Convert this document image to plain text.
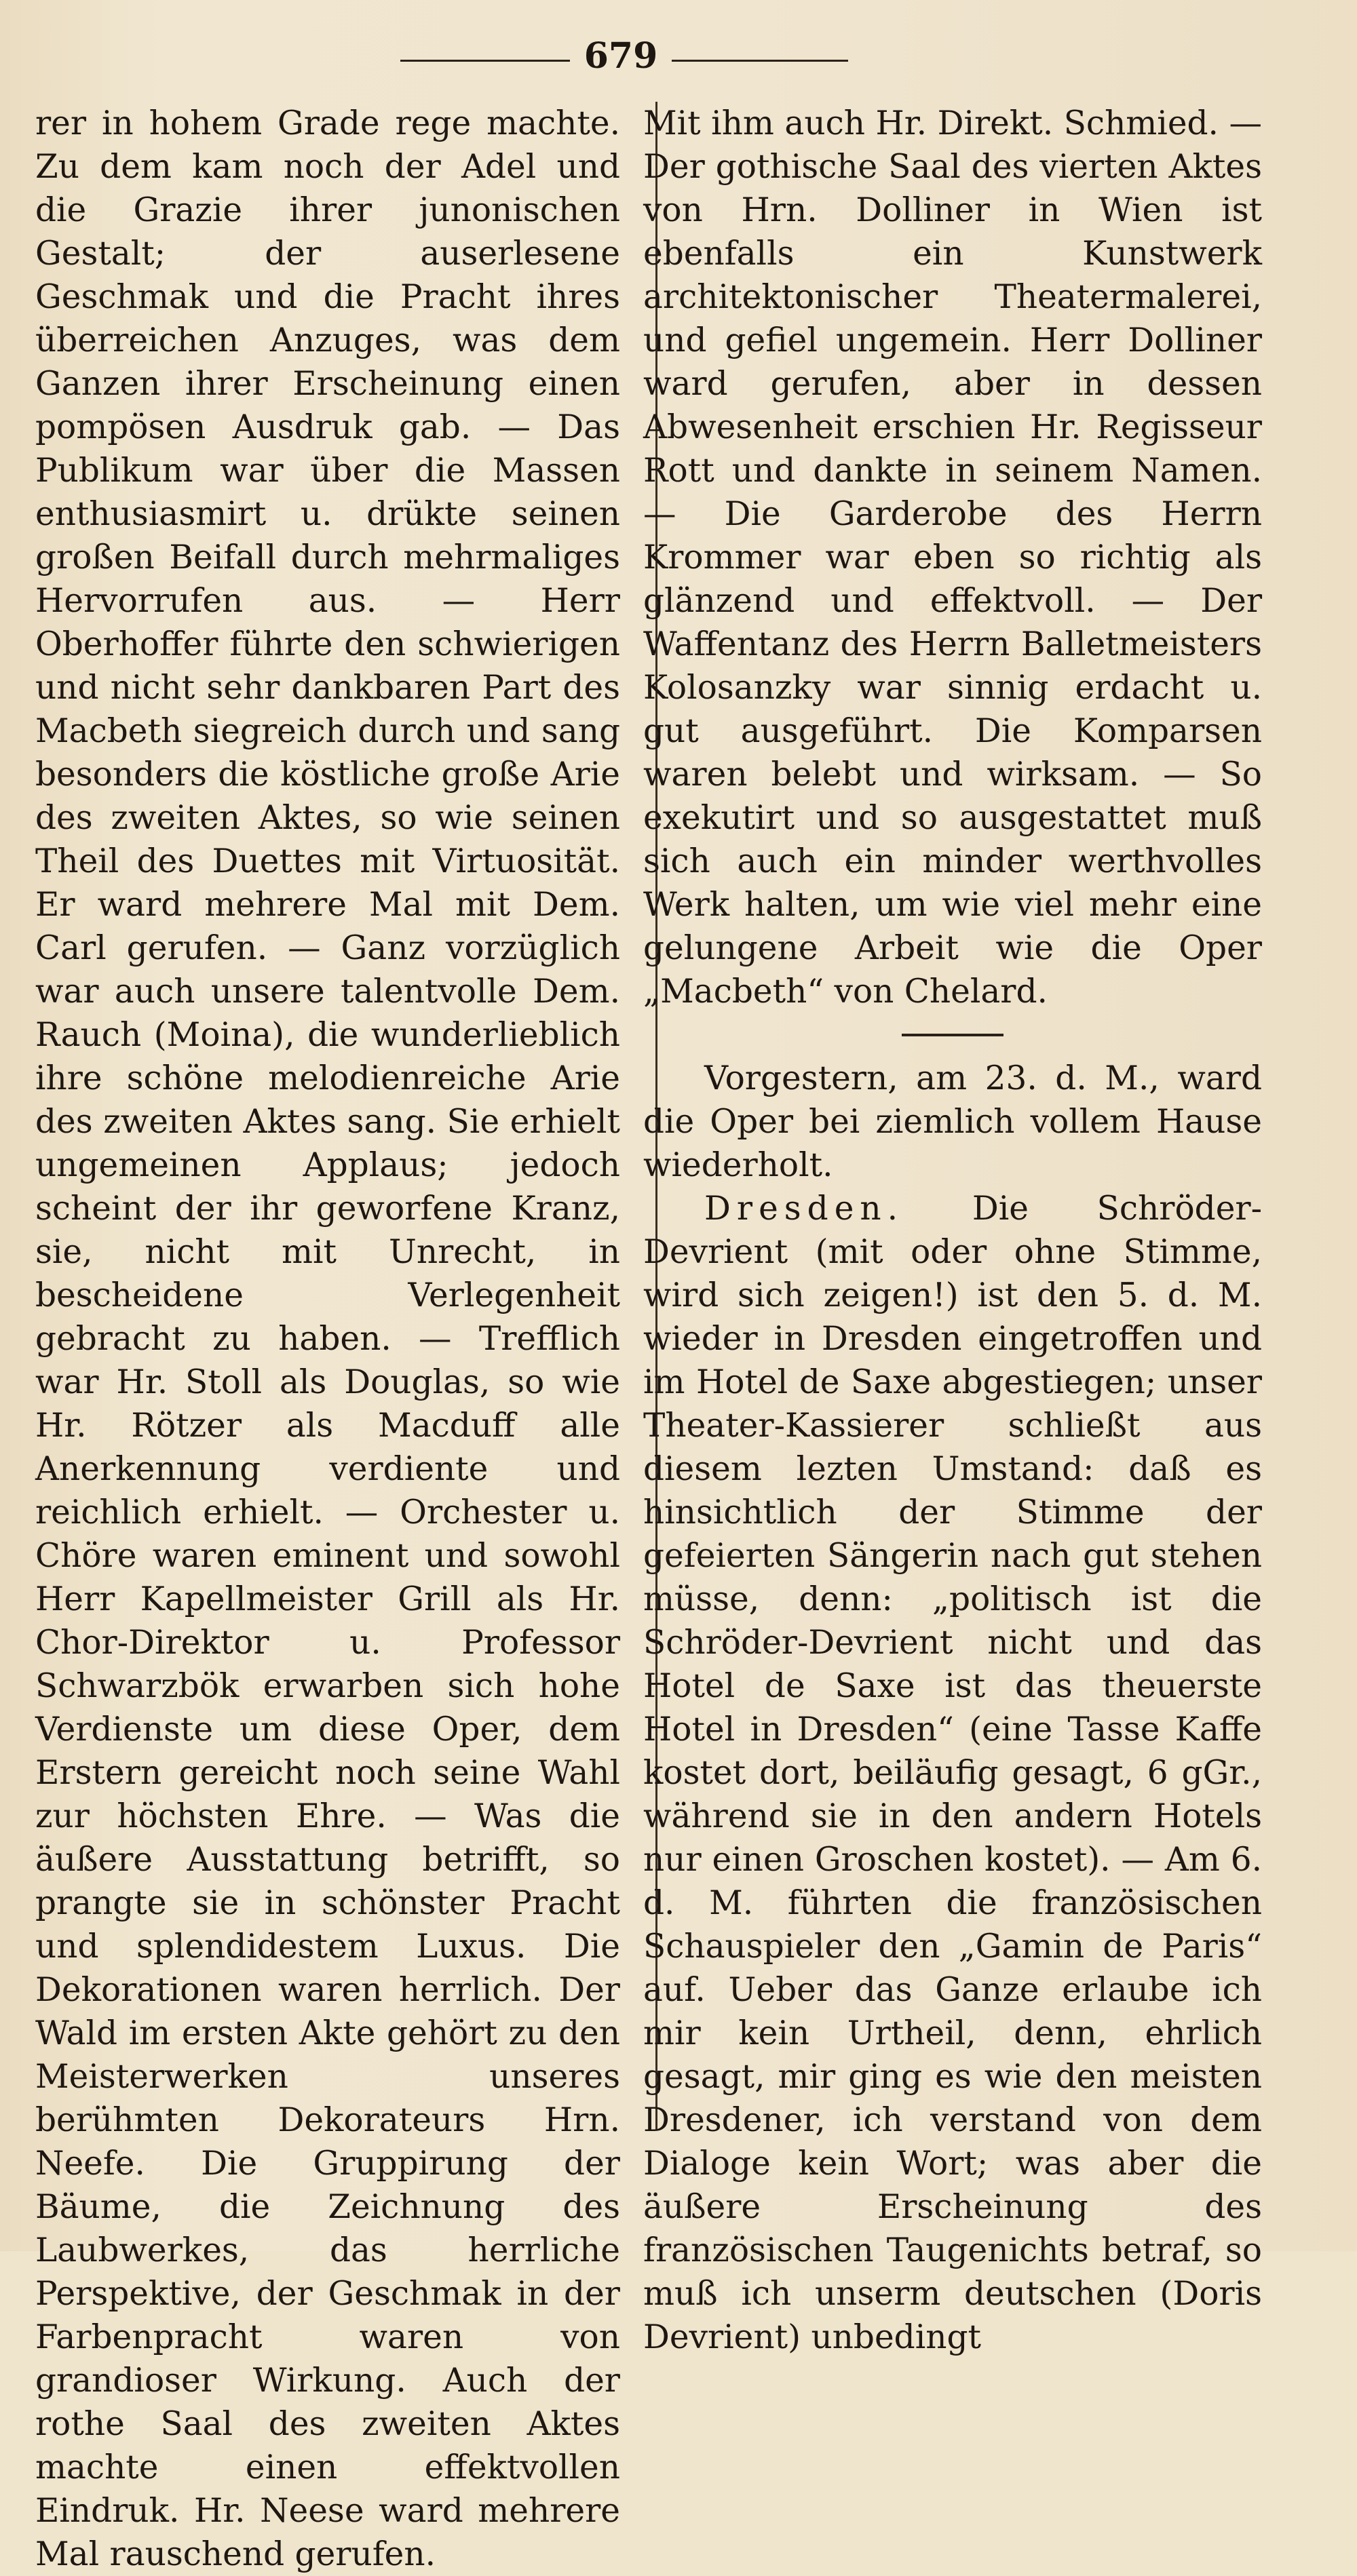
679

rer in hohem Grade rege machte. Zu dem kam noch der Adel und die Grazie ihrer junonischen Gestalt; der auserlesene Geschmak und die Pracht ihres überreichen Anzuges, was dem Ganzen ihrer Erscheinung einen pompösen Ausdruk gab. — Das Publikum war über die Massen enthusiasmirt u. drükte seinen großen Beifall durch mehrmaliges Hervorrufen aus. — Herr Oberhoffer führte den schwierigen und nicht sehr dankbaren Part des Macbeth siegreich durch und sang besonders die köstliche große Arie des zweiten Aktes, so wie seinen Theil des Duettes mit Virtuosität. Er ward mehrere Mal mit Dem. Carl gerufen. — Ganz vorzüglich war auch unsere talentvolle Dem. Rauch (Moina), die wunderlieblich ihre schöne melodienreiche Arie des zweiten Aktes sang. Sie erhielt ungemeinen Applaus; jedoch scheint der ihr geworfene Kranz, sie, nicht mit Unrecht, in bescheidene Verlegenheit gebracht zu haben. — Trefflich war Hr. Stoll als Douglas, so wie Hr. Rötzer als Macduff alle Anerkennung verdiente und reichlich erhielt. — Orchester u. Chöre waren eminent und sowohl Herr Kapellmeister Grill als Hr. Chor-Direktor u. Professor Schwarzbök erwarben sich hohe Verdienste um diese Oper, dem Erstern gereicht noch seine Wahl zur höchsten Ehre. — Was die äußere Ausstattung betrifft, so prangte sie in schönster Pracht und splendidestem Luxus. Die Dekorationen waren herrlich. Der Wald im ersten Akte gehört zu den Meisterwerken unseres berühmten Dekorateurs Hrn. Neefe. Die Gruppirung der Bäume, die Zeichnung des Laubwerkes, das herrliche Perspektive, der Geschmak in der Farbenpracht waren von grandioser Wirkung. Auch der rothe Saal des zweiten Aktes machte einen effektvollen Eindruk. Hr. Neese ward mehrere Mal rauschend gerufen.

Mit ihm auch Hr. Direkt. Schmied. — Der gothische Saal des vierten Aktes von Hrn. Dolliner in Wien ist ebenfalls ein Kunstwerk architektonischer Theatermalerei, und gefiel ungemein. Herr Dolliner ward gerufen, aber in dessen Abwesenheit erschien Hr. Regisseur Rott und dankte in seinem Namen. — Die Garderobe des Herrn Krommer war eben so richtig als glänzend und effektvoll. — Der Waffentanz des Herrn Balletmeisters Kolosanzky war sinnig erdacht u. gut ausgeführt. Die Komparsen waren belebt und wirksam. — So exekutirt und so ausgestattet muß sich auch ein minder werthvolles Werk halten, um wie viel mehr eine gelungene Arbeit wie die Oper „Macbeth“ von Chelard.

Vorgestern, am 23. d. M., ward die Oper bei ziemlich vollem Hause wiederholt.

Dresden. Die Schröder-Devrient (mit oder ohne Stimme, wird sich zeigen!) ist den 5. d. M. wieder in Dresden eingetroffen und im Hotel de Saxe abgestiegen; unser Theater-Kassierer schließt aus diesem lezten Umstand: daß es hinsichtlich der Stimme der gefeierten Sängerin nach gut stehen müsse, denn: „politisch ist die Schröder-Devrient nicht und das Hotel de Saxe ist das theuerste Hotel in Dresden“ (eine Tasse Kaffe kostet dort, beiläufig gesagt, 6 gGr., während sie in den andern Hotels nur einen Groschen kostet). — Am 6. d. M. führten die französischen Schauspieler den „Gamin de Paris“ auf. Ueber das Ganze erlaube ich mir kein Urtheil, denn, ehrlich gesagt, mir ging es wie den meisten Dresdener, ich verstand von dem Dialoge kein Wort; was aber die äußere Erscheinung des französischen Taugenichts betraf, so muß ich unserm deutschen (Doris Devrient) unbedingt
